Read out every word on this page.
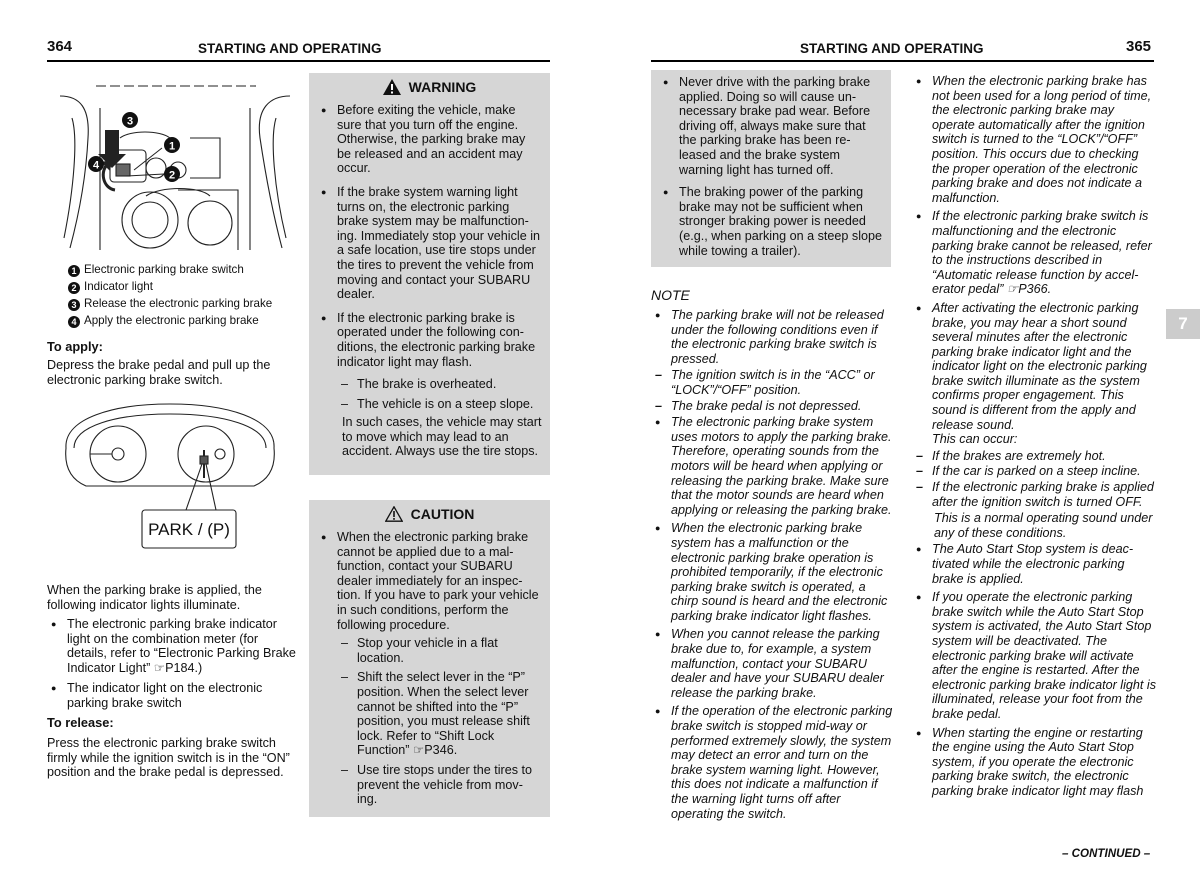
364	STARTING AND OPERATING
3
1
4
2
1 Electronic parking brake switch
2 Indicator light
3 Release the electronic parking brake
4 Apply the electronic parking brake
To apply:
Depress the brake pedal and pull up the electronic parking brake switch.
PARK / (P)
When the parking brake is applied, the following indicator lights illuminate.
● The electronic parking brake indicator light on the combination meter (for details, refer to “Electronic Parking Brake Indicator Light” ☞P184.)
● The indicator light on the electronic parking brake switch
To release:
Press the electronic parking brake switch firmly while the ignition switch is in the “ON” position and the brake pedal is depressed.
WARNING
● Before exiting the vehicle, make sure that you turn off the engine. Otherwise, the parking brake may be released and an accident may occur.
● If the brake system warning light turns on, the electronic parking brake system may be malfunction-ing. Immediately stop your vehicle in a safe location, use tire stops under the tires to prevent the vehicle from moving and contact your SUBARU dealer.
● If the electronic parking brake is operated under the following con-ditions, the electronic parking brake indicator light may flash.
– The brake is overheated.
– The vehicle is on a steep slope.
In such cases, the vehicle may start to move which may lead to an accident. Always use the tire stops.
CAUTION
● When the electronic parking brake cannot be applied due to a mal-function, contact your SUBARU dealer immediately for an inspec-tion. If you have to park your vehicle in such conditions, perform the following procedure.
– Stop your vehicle in a flat location.
– Shift the select lever in the “P” position. When the select lever cannot be shifted into the “P” position, you must release shift lock. Refer to “Shift Lock Function” ☞P346.
– Use tire stops under the tires to prevent the vehicle from mov-ing.
STARTING AND OPERATING	365
7
● Never drive with the parking brake applied. Doing so will cause un-necessary brake pad wear. Before driving off, always make sure that the parking brake has been re-leased and the brake system warning light has turned off.
● The braking power of the parking brake may not be sufficient when stronger braking power is needed (e.g., when parking on a steep slope while towing a trailer).
NOTE
● The parking brake will not be released under the following conditions even if the electronic parking brake switch is pressed.
– The ignition switch is in the “ACC” or “LOCK”/“OFF” position.
– The brake pedal is not depressed.
● The electronic parking brake system uses motors to apply the parking brake. Therefore, operating sounds from the motors will be heard when applying or releasing the parking brake. Make sure that the motor sounds are heard when applying or releasing the parking brake.
● When the electronic parking brake system has a malfunction or the electronic parking brake operation is prohibited temporarily, if the electronic parking brake switch is operated, a chirp sound is heard and the electronic parking brake indicator light flashes.
● When you cannot release the parking brake due to, for example, a system malfunction, contact your SUBARU dealer and have your SUBARU dealer release the parking brake.
● If the operation of the electronic parking brake switch is stopped mid-way or performed extremely slowly, the system may detect an error and turn on the brake system warning light. However, this does not indicate a malfunction if the warning light turns off after operating the switch.
● When the electronic parking brake has not been used for a long period of time, the electronic parking brake may operate automatically after the ignition switch is turned to the “LOCK”/“OFF” position. This occurs due to checking the proper operation of the electronic parking brake and does not indicate a malfunction.
● If the electronic parking brake switch is malfunctioning and the electronic parking brake cannot be released, refer to the instructions described in “Automatic release function by accel-erator pedal” ☞P366.
● After activating the electronic parking brake, you may hear a short sound several minutes after the electronic parking brake indicator light and the indicator light on the electronic parking brake switch illuminate as the system confirms proper engagement. This sound is different from the apply and release sound.
This can occur:
– If the brakes are extremely hot.
– If the car is parked on a steep incline.
– If the electronic parking brake is applied after the ignition switch is turned OFF.
This is a normal operating sound under any of these conditions.
● The Auto Start Stop system is deac-tivated while the electronic parking brake is applied.
● If you operate the electronic parking brake switch while the Auto Start Stop system is activated, the Auto Start Stop system will be deactivated. The electronic parking brake will activate after the engine is restarted. After the electronic parking brake indicator light is illuminated, release your foot from the brake pedal.
● When starting the engine or restarting the engine using the Auto Start Stop system, if you operate the electronic parking brake switch, the electronic parking brake indicator light may flash
– CONTINUED –
